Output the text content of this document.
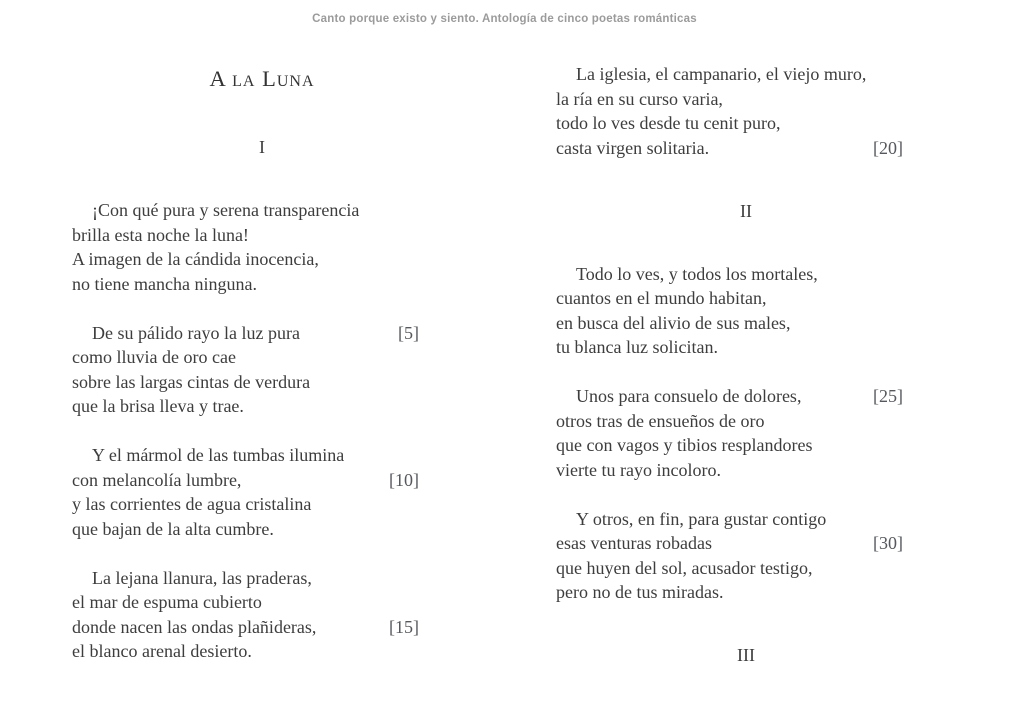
Canto porque existo y siento. Antología de cinco poetas románticas
A la Luna
I
¡Con qué pura y serena transparencia
brilla esta noche la luna!
A imagen de la cándida inocencia,
no tiene mancha ninguna.
De su pálido rayo la luz pura	[5]
como lluvia de oro cae
sobre las largas cintas de verdura
que la brisa lleva y trae.
Y el mármol de las tumbas ilumina
con melancolía lumbre,	[10]
y las corrientes de agua cristalina
que bajan de la alta cumbre.
La lejana llanura, las praderas,
el mar de espuma cubierto
donde nacen las ondas plañideras,	[15]
el blanco arenal desierto.
La iglesia, el campanario, el viejo muro,
la ría en su curso varia,
todo lo ves desde tu cenit puro,
casta virgen solitaria.	[20]
II
Todo lo ves, y todos los mortales,
cuantos en el mundo habitan,
en busca del alivio de sus males,
tu blanca luz solicitan.
Unos para consuelo de dolores,	[25]
otros tras de ensueños de oro
que con vagos y tibios resplandores
vierte tu rayo incoloro.
Y otros, en fin, para gustar contigo
esas venturas robadas	[30]
que huyen del sol, acusador testigo,
pero no de tus miradas.
III
